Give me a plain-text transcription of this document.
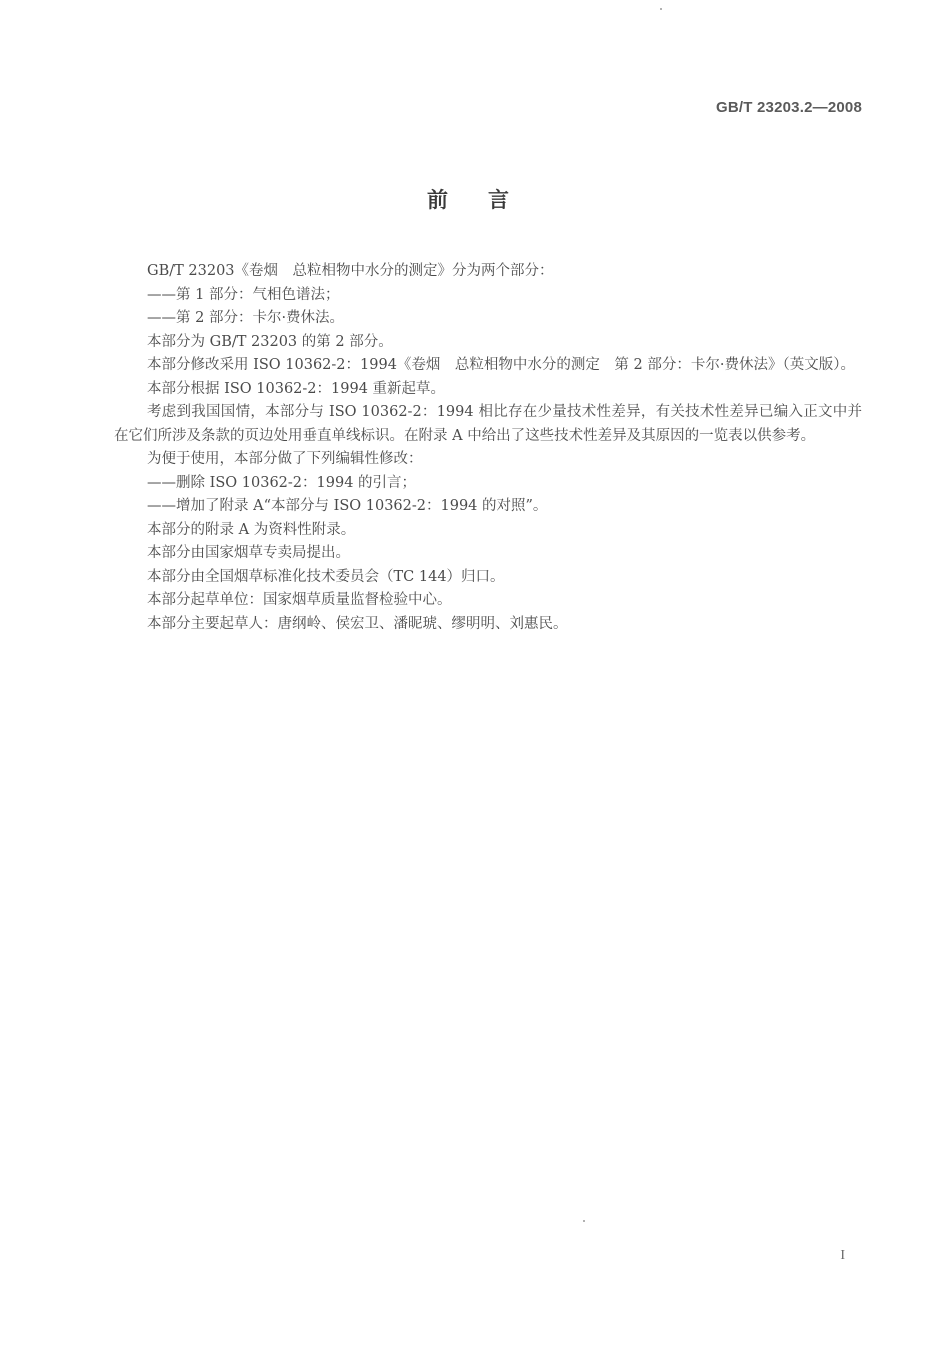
GB/T 23203.2—2008
前言

GB/T 23203《卷烟　总粒相物中水分的测定》分为两个部分：

——第 1 部分：气相色谱法；

——第 2 部分：卡尔·费休法。

本部分为 GB/T 23203 的第 2 部分。

本部分修改采用 ISO 10362-2：1994《卷烟　总粒相物中水分的测定　第 2 部分：卡尔·费休法》（英文版）。

本部分根据 ISO 10362-2：1994 重新起草。

考虑到我国国情，本部分与 ISO 10362-2：1994 相比存在少量技术性差异，有关技术性差异已编入正文中并在它们所涉及条款的页边处用垂直单线标识。在附录 A 中给出了这些技术性差异及其原因的一览表以供参考。

为便于使用，本部分做了下列编辑性修改：

——删除 ISO 10362-2：1994 的引言；

——增加了附录 A“本部分与 ISO 10362-2：1994 的对照”。

本部分的附录 A 为资料性附录。

本部分由国家烟草专卖局提出。

本部分由全国烟草标准化技术委员会（TC 144）归口。

本部分起草单位：国家烟草质量监督检验中心。

本部分主要起草人：唐纲岭、侯宏卫、潘昵琥、缪明明、刘惠民。

I
